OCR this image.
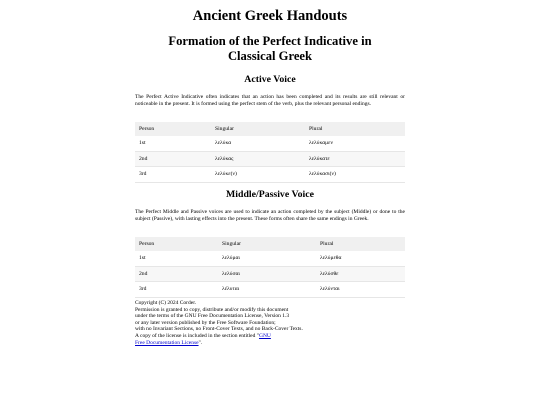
Ancient Greek Handouts
Formation of the Perfect Indicative in Classical Greek
Active Voice
The Perfect Active Indicative often indicates that an action has been completed and its results are still relevant or noticeable in the present. It is formed using the perfect stem of the verb, plus the relevant personal endings.
Person	Singular	Plural
1st	λελύκα	λελύκαμεν
2nd	λελύκας	λελύκατε
3rd	λελύκε(ν)	λελύκασι(ν)
Middle/Passive Voice
The Perfect Middle and Passive voices are used to indicate an action completed by the subject (Middle) or done to the subject (Passive), with lasting effects into the present. These forms often share the same endings in Greek.
Person	Singular	Plural
1st	λελύμαι	λελύμεθα
2nd	λελύσαι	λελύσθε
3rd	λέλυται	λελύνται
Copyright (C) 2024 Corder.
Permission is granted to copy, distribute and/or modify this document
under the terms of the GNU Free Documentation License, Version 1.3
or any later version published by the Free Software Foundation;
with no Invariant Sections, no Front-Cover Texts, and no Back-Cover Texts.
A copy of the license is included in the section entitled "GNU
Free Documentation License".
